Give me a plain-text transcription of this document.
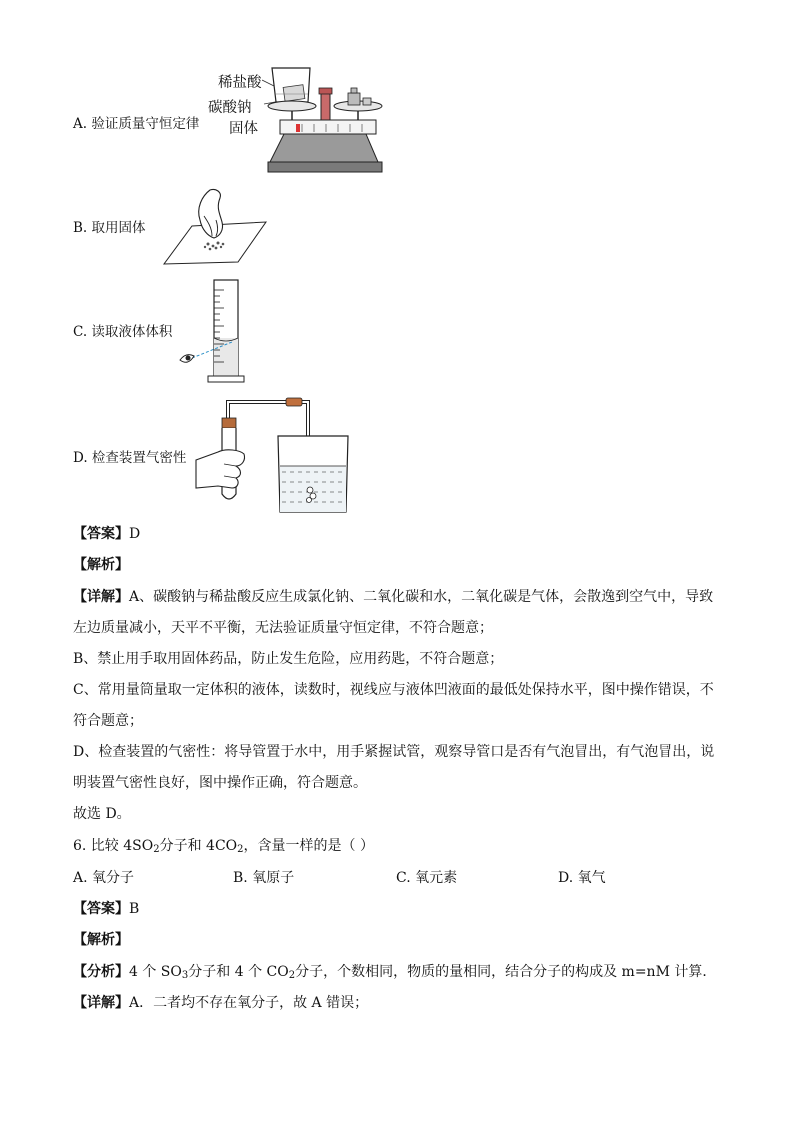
A. 验证质量守恒定律
稀盐酸
碳酸钠
固体
B. 取用固体
C. 读取液体体积
D. 检查装置气密性
【答案】D
【解析】
【详解】A、碳酸钠与稀盐酸反应生成氯化钠、二氧化碳和水，二氧化碳是气体，会散逸到空气中，导致
左边质量减小，天平不平衡，无法验证质量守恒定律，不符合题意；
B、禁止用手取用固体药品，防止发生危险，应用药匙，不符合题意；
C、常用量筒量取一定体积的液体，读数时，视线应与液体凹液面的最低处保持水平，图中操作错误，不
符合题意；
D、检查装置的气密性：将导管置于水中，用手紧握试管，观察导管口是否有气泡冒出，有气泡冒出，说
明装置气密性良好，图中操作正确，符合题意。
故选 D。
6. 比较 $4SO_2$分子和 $4CO_2$，含量一样的是（ ）
A. 氧分子	B. 氧原子	C. 氧元素	D. 氧气
【答案】B
【解析】
【分析】4 个 $SO_3$分子和 4 个 $CO_2$分子，个数相同，物质的量相同，结合分子的构成及 m=nM 计算．
【详解】A．二者均不存在氧分子，故 A 错误；
